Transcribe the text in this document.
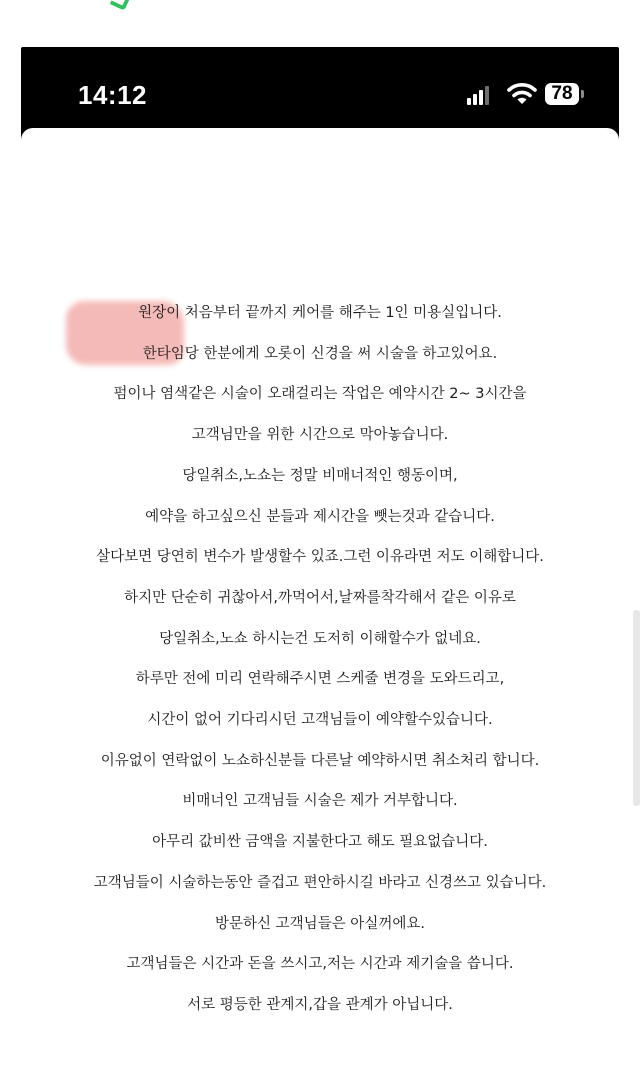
14:12	78
원장이 처음부터 끝까지 케어를 해주는 1인 미용실입니다.
한타임당 한분에게 오롯이 신경을 써 시술을 하고있어요.
펌이나 염색같은 시술이 오래걸리는 작업은 예약시간 2~ 3시간을
고객님만을 위한 시간으로 막아놓습니다.
당일취소,노쇼는 정말 비매너적인 행동이며,
예약을 하고싶으신 분들과 제시간을 뺏는것과 같습니다.
살다보면 당연히 변수가 발생할수 있죠.그런 이유라면 저도 이해합니다.
하지만 단순히 귀찮아서,까먹어서,날짜를착각해서 같은 이유로
당일취소,노쇼 하시는건 도저히 이해할수가 없네요.
하루만 전에 미리 연락해주시면 스케줄 변경을 도와드리고,
시간이 없어 기다리시던 고객님들이 예약할수있습니다.
이유없이 연락없이 노쇼하신분들 다른날 예약하시면 취소처리 합니다.
비매너인 고객님들 시술은 제가 거부합니다.
아무리 값비싼 금액을 지불한다고 해도 필요없습니다.
고객님들이 시술하는동안 즐겁고 편안하시길 바라고 신경쓰고 있습니다.
방문하신 고객님들은 아실꺼에요.
고객님들은 시간과 돈을 쓰시고,저는 시간과 제기술을 씁니다.
서로 평등한 관계지,갑을 관계가 아닙니다.
